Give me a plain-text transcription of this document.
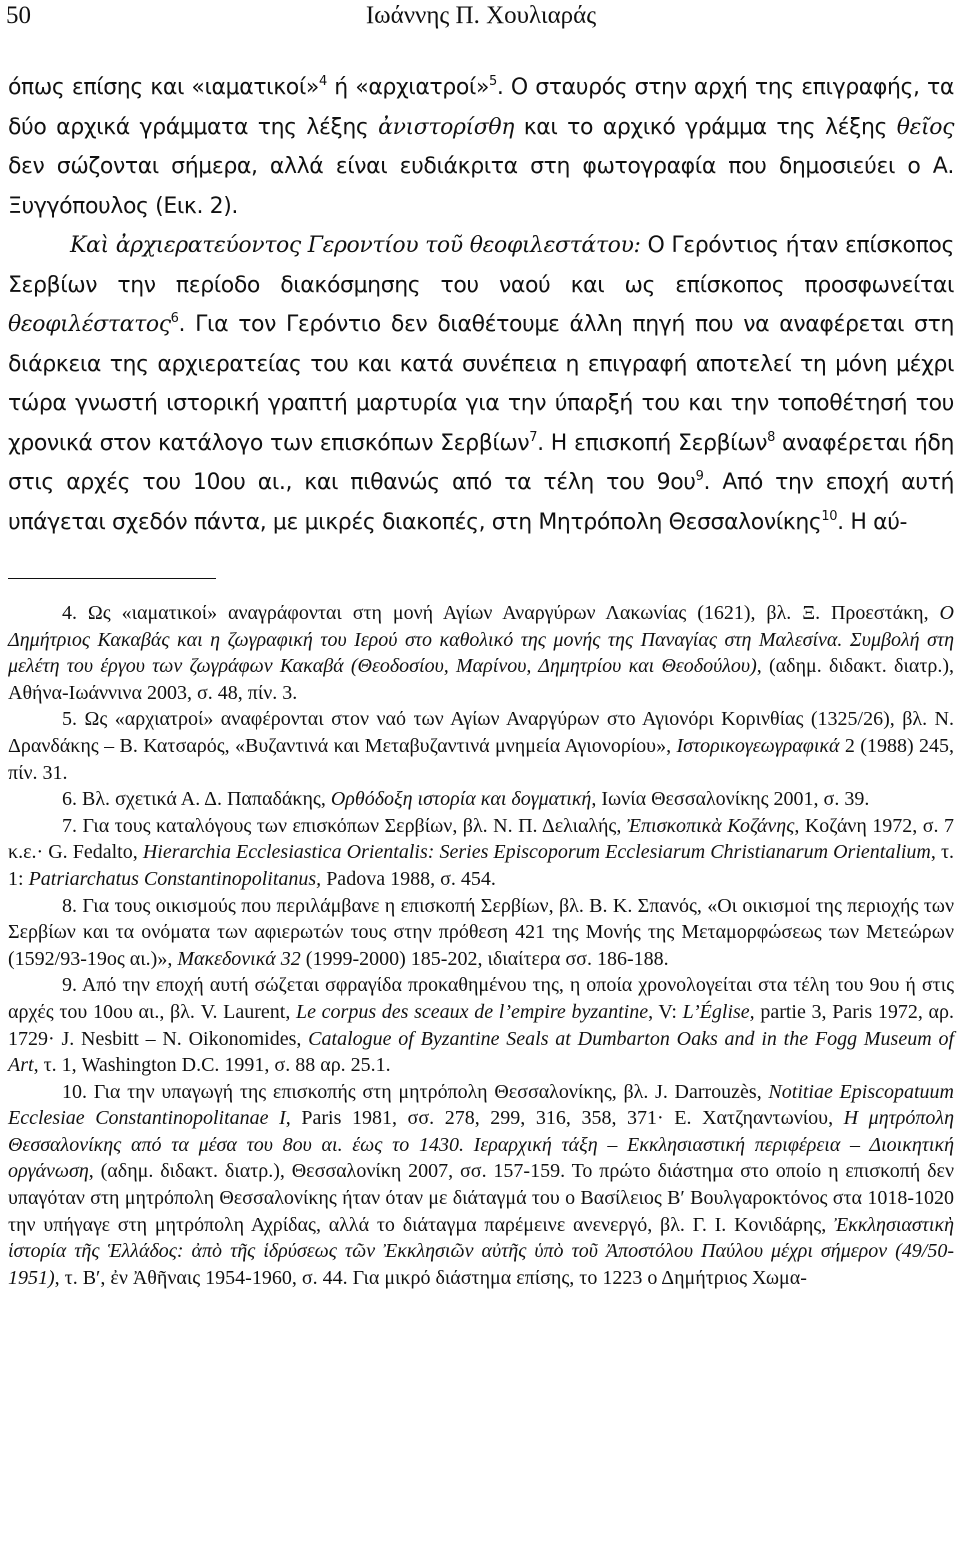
50	Ιωάννης Π. Χουλιαράς

όπως επίσης και «ιαματικοί»$^4$ ή «αρχιατροί»$^5$. Ο σταυρός στην αρχή της επιγραφής, τα δύο αρχικά γράμματα της λέξης ἀνιστορίσθη και το αρχικό γράμμα της λέξης θεῖος δεν σώζονται σήμερα, αλλά είναι ευδιάκριτα στη φωτογραφία που δημοσιεύει ο Α. Ξυγγόπουλος (Εικ. 2).

Καὶ ἀρχιερατεύοντος Γεροντίου τοῦ θεοφιλεστάτου: Ο Γερόντιος ήταν επίσκοπος Σερβίων την περίοδο διακόσμησης του ναού και ως επίσκοπος προσφωνείται θεοφιλέστατος$^6$. Για τον Γερόντιο δεν διαθέτουμε άλλη πηγή που να αναφέρεται στη διάρκεια της αρχιερατείας του και κατά συνέπεια η επιγραφή αποτελεί τη μόνη μέχρι τώρα γνωστή ιστορική γραπτή μαρτυρία για την ύπαρξή του και την τοποθέτησή του χρονικά στον κατάλογο των επισκόπων Σερβίων$^7$. Η επισκοπή Σερβίων$^8$ αναφέρεται ήδη στις αρχές του 10ου αι., και πιθανώς από τα τέλη του $9o\upsilon^9$. Από την εποχή αυτή υπάγεται σχεδόν πάντα, με μικρές διακοπές, στη Μητρόπολη Θεσσαλονίκης$^{10}$. Η αύ-

4. Ως «ιαματικοί» αναγράφονται στη μονή Αγίων Αναργύρων Λακωνίας (1621), βλ. Ξ. Προεστάκη, Ο Δημήτριος Κακαβάς και η ζωγραφική του Ιερού στο καθολικό της μονής της Παναγίας στη Μαλεσίνα. Συμβολή στη μελέτη του έργου των ζωγράφων Κακαβά (Θεοδοσίου, Μαρίνου, Δημητρίου και Θεοδούλου), (αδημ. διδακτ. διατρ.), Αθήνα-Ιωάννινα 2003, σ. 48, πίν. 3.

5. Ως «αρχιατροί» αναφέρονται στον ναό των Αγίων Αναργύρων στο Αγιονόρι Κορινθίας (1325/26), βλ. Ν. Δρανδάκης – Β. Κατσαρός, «Βυζαντινά και Μεταβυζαντινά μνημεία Αγιονορίου», Ιστορικογεωγραφικά 2 (1988) 245, πίν. 31.

6. Βλ. σχετικά Α. Δ. Παπαδάκης, Ορθόδοξη ιστορία και δογματική, Ιωνία Θεσσαλονίκης 2001, σ. 39.

7. Για τους καταλόγους των επισκόπων Σερβίων, βλ. Ν. Π. Δελιαλής, Ἐπισκοπικὰ Κοζάνης, Κοζάνη 1972, σ. 7 κ.ε.· G. Fedalto, Hierarchia Ecclesiastica Orientalis: Series Episcoporum Ecclesiarum Christianarum Orientalium, τ. 1: Patriarchatus Constantinopolitanus, Padova 1988, σ. 454.

8. Για τους οικισμούς που περιλάμβανε η επισκοπή Σερβίων, βλ. Β. Κ. Σπανός, «Οι οικισμοί της περιοχής των Σερβίων και τα ονόματα των αφιερωτών τους στην πρόθεση 421 της Μονής της Μεταμορφώσεως των Μετεώρων (1592/93-19ος αι.)», Μακεδονικά 32 (1999-2000) 185-202, ιδιαίτερα σσ. 186-188.

9. Από την εποχή αυτή σώζεται σφραγίδα προκαθημένου της, η οποία χρονολογείται στα τέλη του 9ου ή στις αρχές του 10ου αι., βλ. V. Laurent, Le corpus des sceaux de l’empire byzantine, V: L’Église, partie 3, Paris 1972, αρ. 1729· J. Nesbitt – N. Oikonomides, Catalogue of Byzantine Seals at Dumbarton Oaks and in the Fogg Museum of Art, τ. 1, Washington D.C. 1991, σ. 88 αρ. 25.1.

10. Για την υπαγωγή της επισκοπής στη μητρόπολη Θεσσαλονίκης, βλ. J. Darrouzès, Notitiae Episcopatuum Ecclesiae Constantinopolitanae I, Paris 1981, σσ. 278, 299, 316, 358, 371· Ε. Χατζηαντωνίου, Η μητρόπολη Θεσσαλονίκης από τα μέσα του 8ου αι. έως το 1430. Ιεραρχική τάξη – Εκκλησιαστική περιφέρεια – Διοικητική οργάνωση, (αδημ. διδακτ. διατρ.), Θεσσαλονίκη 2007, σσ. 157-159. Το πρώτο διάστημα στο οποίο η επισκοπή δεν υπαγόταν στη μητρόπολη Θεσσαλονίκης ήταν όταν με διάταγμά του ο Βασίλειος Β′ Βουλγαροκτόνος στα 1018-1020 την υπήγαγε στη μητρόπολη Αχρίδας, αλλά το διάταγμα παρέμεινε ανενεργό, βλ. Γ. Ι. Κονιδάρης, Ἐκκλησιαστικὴ ἱστορία τῆς Ἑλλάδος: ἀπὸ τῆς ἱδρύσεως τῶν Ἐκκλησιῶν αὐτῆς ὑπὸ τοῦ Ἀποστόλου Παύλου μέχρι σήμερον (49/50-1951), τ. Β′, ἐν Ἀθῆναις 1954-1960, σ. 44. Για μικρό διάστημα επίσης, το 1223 ο Δημήτριος Χωμα-
